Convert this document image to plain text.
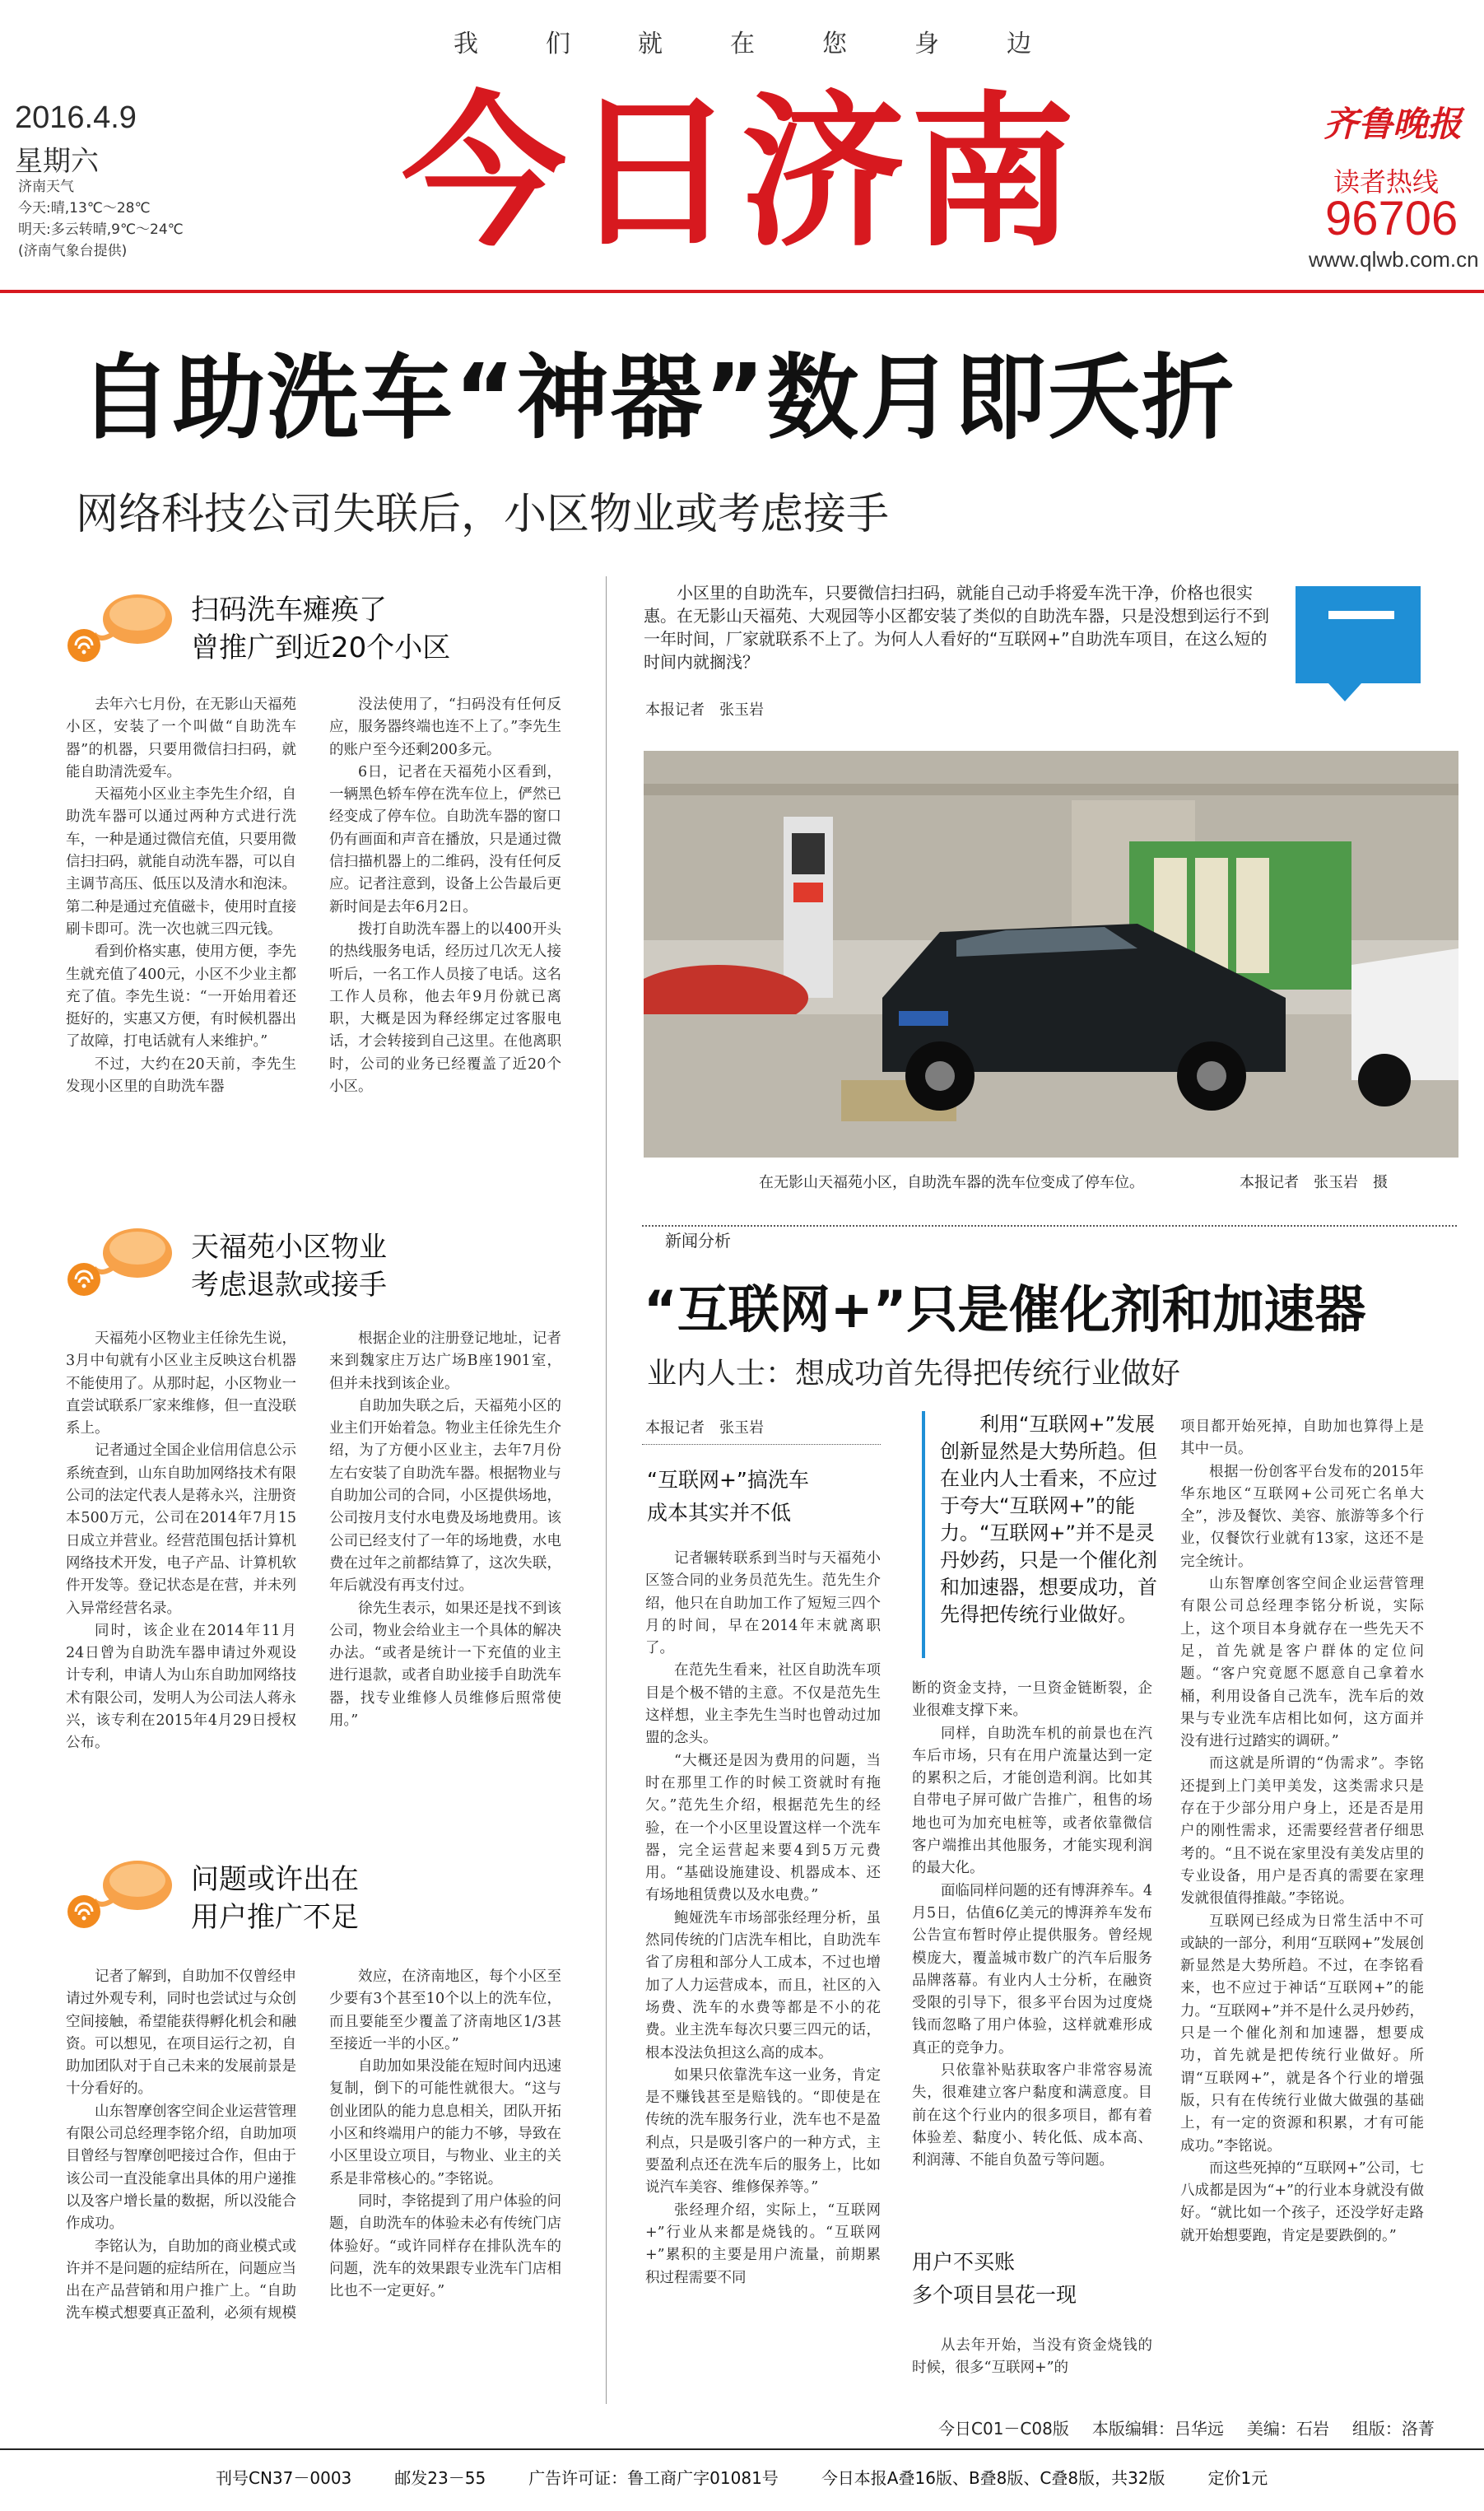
我	们	就	在	您	身	边
今日济南
2016.4.9
星期六
济南天气
今天:晴,13℃～28℃
明天:多云转晴,9℃～24℃
(济南气象台提供)
齐鲁晚报
读者热线
96706
www.qlwb.com.cn
自助洗车“神器”数月即夭折
网络科技公司失联后，小区物业或考虑接手
扫码洗车瘫痪了
曾推广到近20个小区

去年六七月份，在无影山天福苑小区，安装了一个叫做“自助洗车器”的机器，只要用微信扫扫码，就能自助清洗爱车。

天福苑小区业主李先生介绍，自助洗车器可以通过两种方式进行洗车，一种是通过微信充值，只要用微信扫扫码，就能自动洗车器，可以自主调节高压、低压以及清水和泡沫。第二种是通过充值磁卡，使用时直接刷卡即可。洗一次也就三四元钱。

看到价格实惠，使用方便，李先生就充值了400元，小区不少业主都充了值。李先生说：“一开始用着还挺好的，实惠又方便，有时候机器出了故障，打电话就有人来维护。”

不过，大约在20天前，李先生发现小区里的自助洗车器

没法使用了，“扫码没有任何反应，服务器终端也连不上了。”李先生的账户至今还剩200多元。

6日，记者在天福苑小区看到，一辆黑色轿车停在洗车位上，俨然已经变成了停车位。自助洗车器的窗口仍有画面和声音在播放，只是通过微信扫描机器上的二维码，没有任何反应。记者注意到，设备上公告最后更新时间是去年6月2日。

拨打自助洗车器上的以400开头的热线服务电话，经历过几次无人接听后，一名工作人员接了电话。这名工作人员称，他去年9月份就已离职，大概是因为释经绑定过客服电话，才会转接到自己这里。在他离职时，公司的业务已经覆盖了近20个小区。

天福苑小区物业
考虑退款或接手

天福苑小区物业主任徐先生说，3月中旬就有小区业主反映这台机器不能使用了。从那时起，小区物业一直尝试联系厂家来维修，但一直没联系上。

记者通过全国企业信用信息公示系统查到，山东自助加网络技术有限公司的法定代表人是蒋永兴，注册资本500万元，公司在2014年7月15日成立并营业。经营范围包括计算机网络技术开发，电子产品、计算机软件开发等。登记状态是在营，并未列入异常经营名录。

同时，该企业在2014年11月24日曾为自助洗车器申请过外观设计专利，申请人为山东自助加网络技术有限公司，发明人为公司法人蒋永兴，该专利在2015年4月29日授权公布。

根据企业的注册登记地址，记者来到魏家庄万达广场B座1901室，但并未找到该企业。

自助加失联之后，天福苑小区的业主们开始着急。物业主任徐先生介绍，为了方便小区业主，去年7月份左右安装了自助洗车器。根据物业与自助加公司的合同，小区提供场地，公司按月支付水电费及场地费用。该公司已经支付了一年的场地费，水电费在过年之前都结算了，这次失联，年后就没有再支付过。

徐先生表示，如果还是找不到该公司，物业会给业主一个具体的解决办法。“或者是统计一下充值的业主进行退款，或者自助业接手自助洗车器，找专业维修人员维修后照常使用。”

问题或许出在
用户推广不足

记者了解到，自助加不仅曾经申请过外观专利，同时也尝试过与众创空间接触，希望能获得孵化机会和融资。可以想见，在项目运行之初，自助加团队对于自己未来的发展前景是十分看好的。

山东智摩创客空间企业运营管理有限公司总经理李铭介绍，自助加项目曾经与智摩创吧接过合作，但由于该公司一直没能拿出具体的用户递推以及客户增长量的数据，所以没能合作成功。

李铭认为，自助加的商业模式或许并不是问题的症结所在，问题应当出在产品营销和用户推广上。“自助洗车模式想要真正盈利，必须有规模

效应，在济南地区，每个小区至少要有3个甚至10个以上的洗车位，而且要能至少覆盖了济南地区1/3甚至接近一半的小区。”

自助加如果没能在短时间内迅速复制，倒下的可能性就很大。“这与创业团队的能力息息相关，团队开拓小区和终端用户的能力不够，导致在小区里设立项目，与物业、业主的关系是非常核心的。”李铭说。

同时，李铭提到了用户体验的问题，自助洗车的体验未必有传统门店体验好。“或许同样存在排队洗车的问题，洗车的效果跟专业洗车门店相比也不一定更好。”

小区里的自助洗车，只要微信扫扫码，就能自己动手将爱车洗干净，价格也很实惠。在无影山天福苑、大观园等小区都安装了类似的自助洗车器，只是没想到运行不到一年时间，厂家就联系不上了。为何人人看好的“互联网+”自助洗车项目，在这么短的时间内就搁浅？
本报记者　张玉岩
在无影山天福苑小区，自助洗车器的洗车位变成了停车位。	本报记者　张玉岩　摄
新闻分析
“互联网+”只是催化剂和加速器
业内人士：想成功首先得把传统行业做好
本报记者　张玉岩
“互联网+”搞洗车
成本其实并不低
利用“互联网+”发展创新显然是大势所趋。但在业内人士看来，不应过于夸大“互联网+”的能力。“互联网+”并不是灵丹妙药，只是一个催化剂和加速器，想要成功，首先得把传统行业做好。

记者辗转联系到当时与天福苑小区签合同的业务员范先生。范先生介绍，他只在自助加工作了短短三四个月的时间，早在2014年末就离职了。

在范先生看来，社区自助洗车项目是个极不错的主意。不仅是范先生这样想，业主李先生当时也曾动过加盟的念头。

“大概还是因为费用的问题，当时在那里工作的时候工资就时有拖欠。”范先生介绍，根据范先生的经验，在一个小区里设置这样一个洗车器，完全运营起来要4到5万元费用。“基础设施建设、机器成本、还有场地租赁费以及水电费。”

鲍娅洗车市场部张经理分析，虽然同传统的门店洗车相比，自助洗车省了房租和部分人工成本，不过也增加了人力运营成本，而且，社区的入场费、洗车的水费等都是不小的花费。业主洗车每次只要三四元的话，根本没法负担这么高的成本。

如果只依靠洗车这一业务，肯定是不赚钱甚至是赔钱的。“即使是在传统的洗车服务行业，洗车也不是盈利点，只是吸引客户的一种方式，主要盈利点还在洗车后的服务上，比如说汽车美容、维修保养等。”

张经理介绍，实际上，“互联网+”行业从来都是烧钱的。“互联网+”累积的主要是用户流量，前期累积过程需要不同

断的资金支持，一旦资金链断裂，企业很难支撑下来。

同样，自助洗车机的前景也在汽车后市场，只有在用户流量达到一定的累积之后，才能创造利润。比如其自带电子屏可做广告推广，租售的场地也可为加充电桩等，或者依靠微信客户端推出其他服务，才能实现利润的最大化。

面临同样问题的还有博湃养车。4月5日，估值6亿美元的博湃养车发布公告宣布暂时停止提供服务。曾经规模庞大，覆盖城市数广的汽车后服务品牌落幕。有业内人士分析，在融资受限的引导下，很多平台因为过度烧钱而忽略了用户体验，这样就难形成真正的竞争力。

只依靠补贴获取客户非常容易流失，很难建立客户黏度和满意度。目前在这个行业内的很多项目，都有着体验差、黏度小、转化低、成本高、利润薄、不能自负盈亏等问题。

用户不买账
多个项目昙花一现

从去年开始，当没有资金烧钱的时候，很多“互联网+”的

项目都开始死掉，自助加也算得上是其中一员。

根据一份创客平台发布的2015年华东地区“互联网+公司死亡名单大全”，涉及餐饮、美容、旅游等多个行业，仅餐饮行业就有13家，这还不是完全统计。

山东智摩创客空间企业运营管理有限公司总经理李铭分析说，实际上，这个项目本身就存在一些先天不足，首先就是客户群体的定位问题。“客户究竟愿不愿意自己拿着水桶，利用设备自己洗车，洗车后的效果与专业洗车店相比如何，这方面并没有进行过踏实的调研。”

而这就是所谓的“伪需求”。李铭还提到上门美甲美发，这类需求只是存在于少部分用户身上，还是否是用户的刚性需求，还需要经营者仔细思考的。“且不说在家里没有美发店里的专业设备，用户是否真的需要在家理发就很值得推敲。”李铭说。

互联网已经成为日常生活中不可或缺的一部分，利用“互联网+”发展创新显然是大势所趋。不过，在李铭看来，也不应过于神话“互联网+”的能力。“互联网+”并不是什么灵丹妙药，只是一个催化剂和加速器，想要成功，首先就是把传统行业做好。所谓“互联网+”，就是各个行业的增强版，只有在传统行业做大做强的基础上，有一定的资源和积累，才有可能成功。”李铭说。

而这些死掉的“互联网+”公司，七八成都是因为“+”的行业本身就没有做好。“就比如一个孩子，还没学好走路就开始想要跑，肯定是要跌倒的。”

今日C01－C08版 本版编辑：吕华远 美编：石岩 组版：洛菁
刊号CN37－0003	邮发23－55	广告许可证：鲁工商广字01081号	今日本报A叠16版、B叠8版、C叠8版，共32版	定价1元
